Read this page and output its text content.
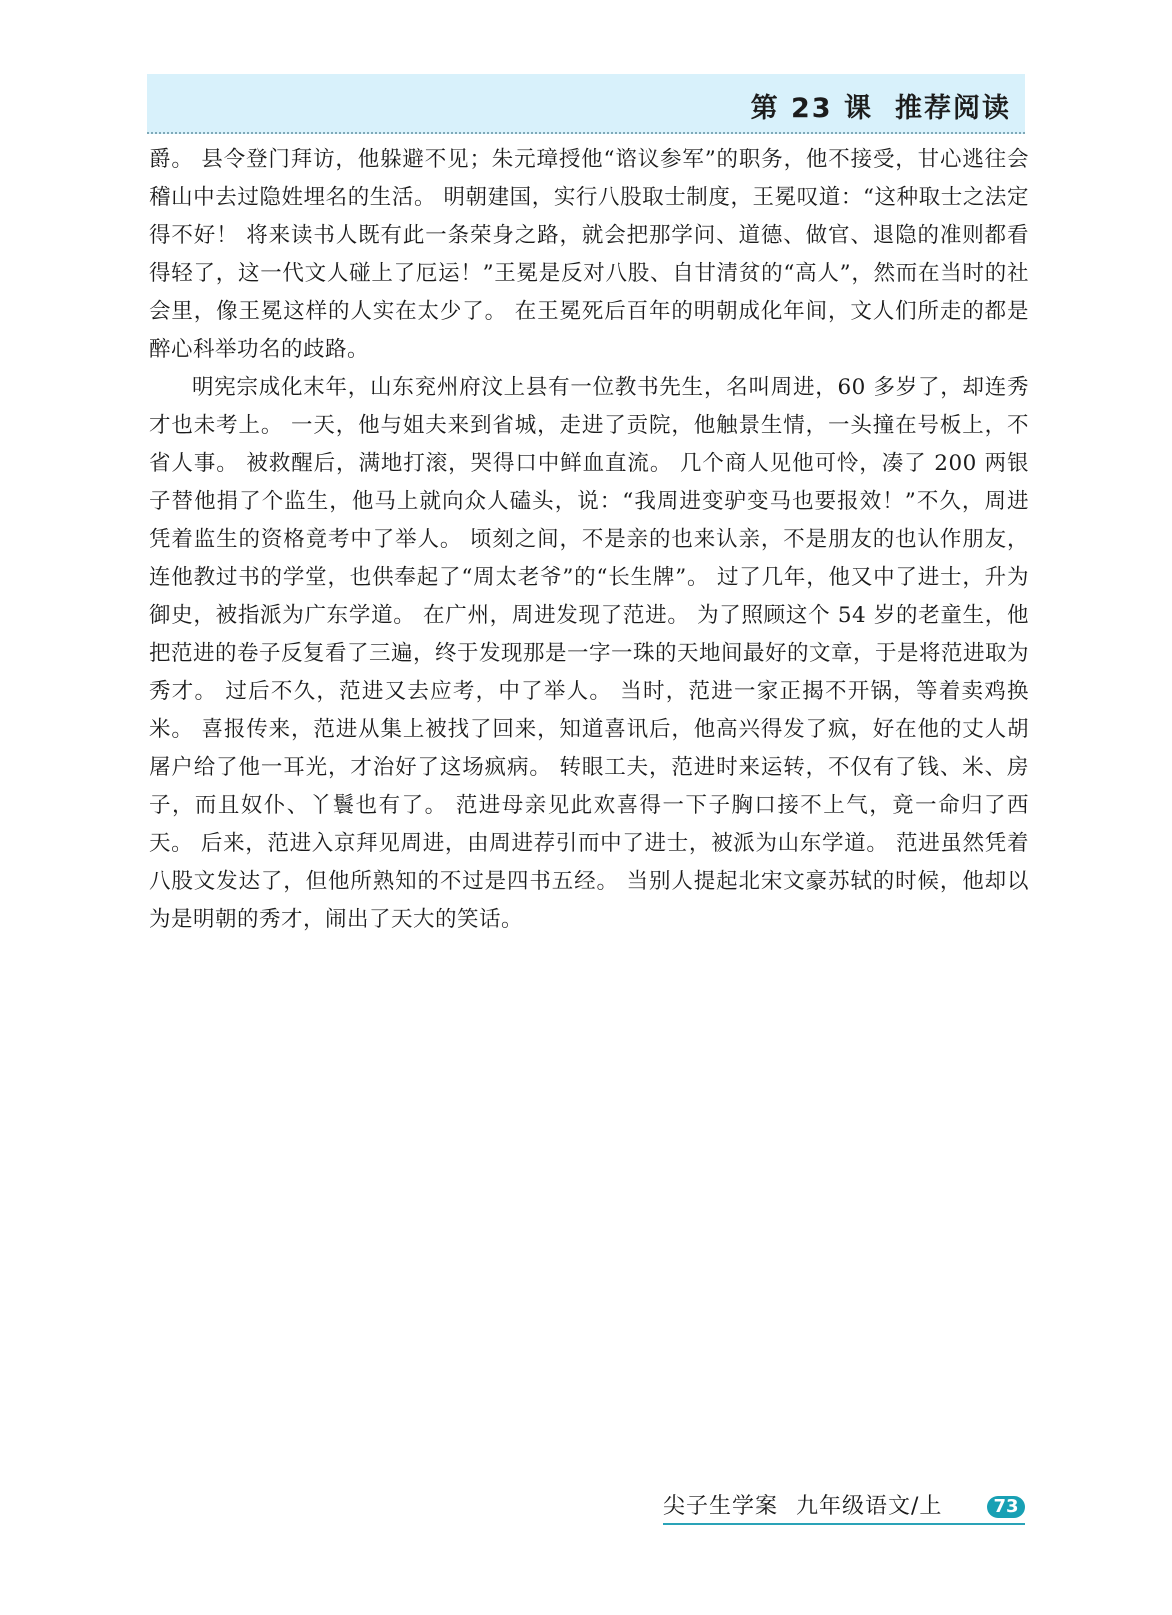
第 23 课 推荐阅读

爵。 县令登门拜访，他躲避不见；朱元璋授他“谘议参军”的职务，他不接受，甘心逃往会稽山中去过隐姓埋名的生活。 明朝建国，实行八股取士制度，王冕叹道：“这种取士之法定得不好！ 将来读书人既有此一条荣身之路，就会把那学问、道德、做官、退隐的准则都看得轻了，这一代文人碰上了厄运！”王冕是反对八股、自甘清贫的“高人”，然而在当时的社会里，像王冕这样的人实在太少了。 在王冕死后百年的明朝成化年间，文人们所走的都是醉心科举功名的歧路。

明宪宗成化末年，山东兖州府汶上县有一位教书先生，名叫周进，60 多岁了，却连秀才也未考上。 一天，他与姐夫来到省城，走进了贡院，他触景生情，一头撞在号板上，不省人事。 被救醒后，满地打滚，哭得口中鲜血直流。 几个商人见他可怜，凑了 200 两银子替他捐了个监生，他马上就向众人磕头，说：“我周进变驴变马也要报效！”不久，周进凭着监生的资格竟考中了举人。 顷刻之间，不是亲的也来认亲，不是朋友的也认作朋友，连他教过书的学堂，也供奉起了“周太老爷”的“长生牌”。 过了几年，他又中了进士，升为御史，被指派为广东学道。 在广州，周进发现了范进。 为了照顾这个 54 岁的老童生，他把范进的卷子反复看了三遍，终于发现那是一字一珠的天地间最好的文章，于是将范进取为秀才。 过后不久，范进又去应考，中了举人。 当时，范进一家正揭不开锅，等着卖鸡换米。 喜报传来，范进从集上被找了回来，知道喜讯后，他高兴得发了疯，好在他的丈人胡屠户给了他一耳光，才治好了这场疯病。 转眼工夫，范进时来运转，不仅有了钱、米、房子，而且奴仆、丫鬟也有了。 范进母亲见此欢喜得一下子胸口接不上气，竟一命归了西天。 后来，范进入京拜见周进，由周进荐引而中了进士，被派为山东学道。 范进虽然凭着八股文发达了，但他所熟知的不过是四书五经。 当别人提起北宋文豪苏轼的时候，他却以为是明朝的秀才，闹出了天大的笑话。

尖子生学案 九年级语文/上	73
